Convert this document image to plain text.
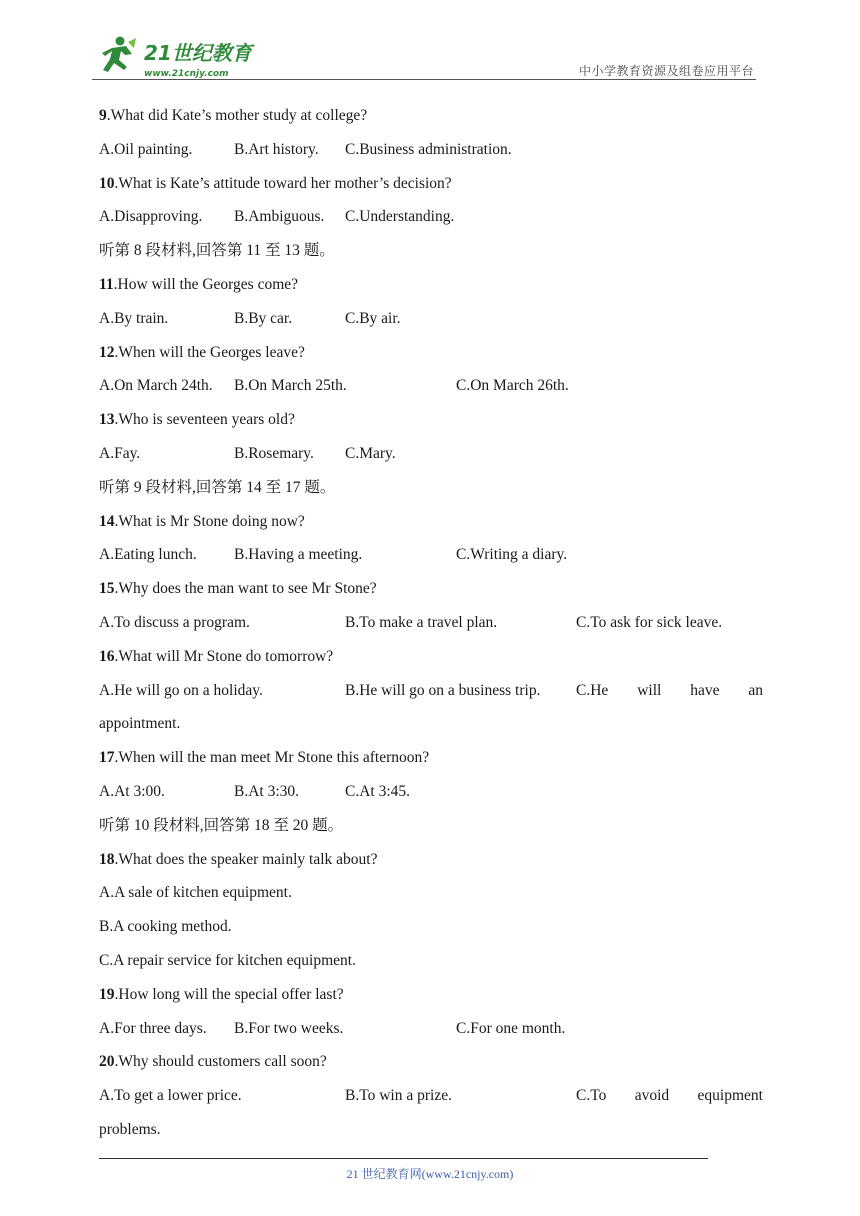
21世纪教育
www.21cnjy.com	中小学教育资源及组卷应用平台
9.What did Kate’s mother study at college?
A.Oil painting.	B.Art history.	C.Business administration.
10.What is Kate’s attitude toward her mother’s decision?
A.Disapproving.	B.Ambiguous.	C.Understanding.
听第 8 段材料,回答第 11 至 13 题。
11.How will the Georges come?
A.By train.	B.By car.	C.By air.
12.When will the Georges leave?
A.On March 24th.	B.On March 25th.	C.On March 26th.
13.Who is seventeen years old?
A.Fay.	B.Rosemary.	C.Mary.
听第 9 段材料,回答第 14 至 17 题。
14.What is Mr Stone doing now?
A.Eating lunch.	B.Having a meeting.	C.Writing a diary.
15.Why does the man want to see Mr Stone?
A.To discuss a program.	B.To make a travel plan.	C.To ask for sick leave.
16.What will Mr Stone do tomorrow?
A.He will go on a holiday.	B.He will go on a business trip.	C.He will have an
appointment.
17.When will the man meet Mr Stone this afternoon?
A.At 3:00.	B.At 3:30.	C.At 3:45.
听第 10 段材料,回答第 18 至 20 题。
18.What does the speaker mainly talk about?
A.A sale of kitchen equipment.
B.A cooking method.
C.A repair service for kitchen equipment.
19.How long will the special offer last?
A.For three days.	B.For two weeks.	C.For one month.
20.Why should customers call soon?
A.To get a lower price.	B.To win a prize.	C.To avoid equipment
problems.
21 世纪教育网(www.21cnjy.com)
